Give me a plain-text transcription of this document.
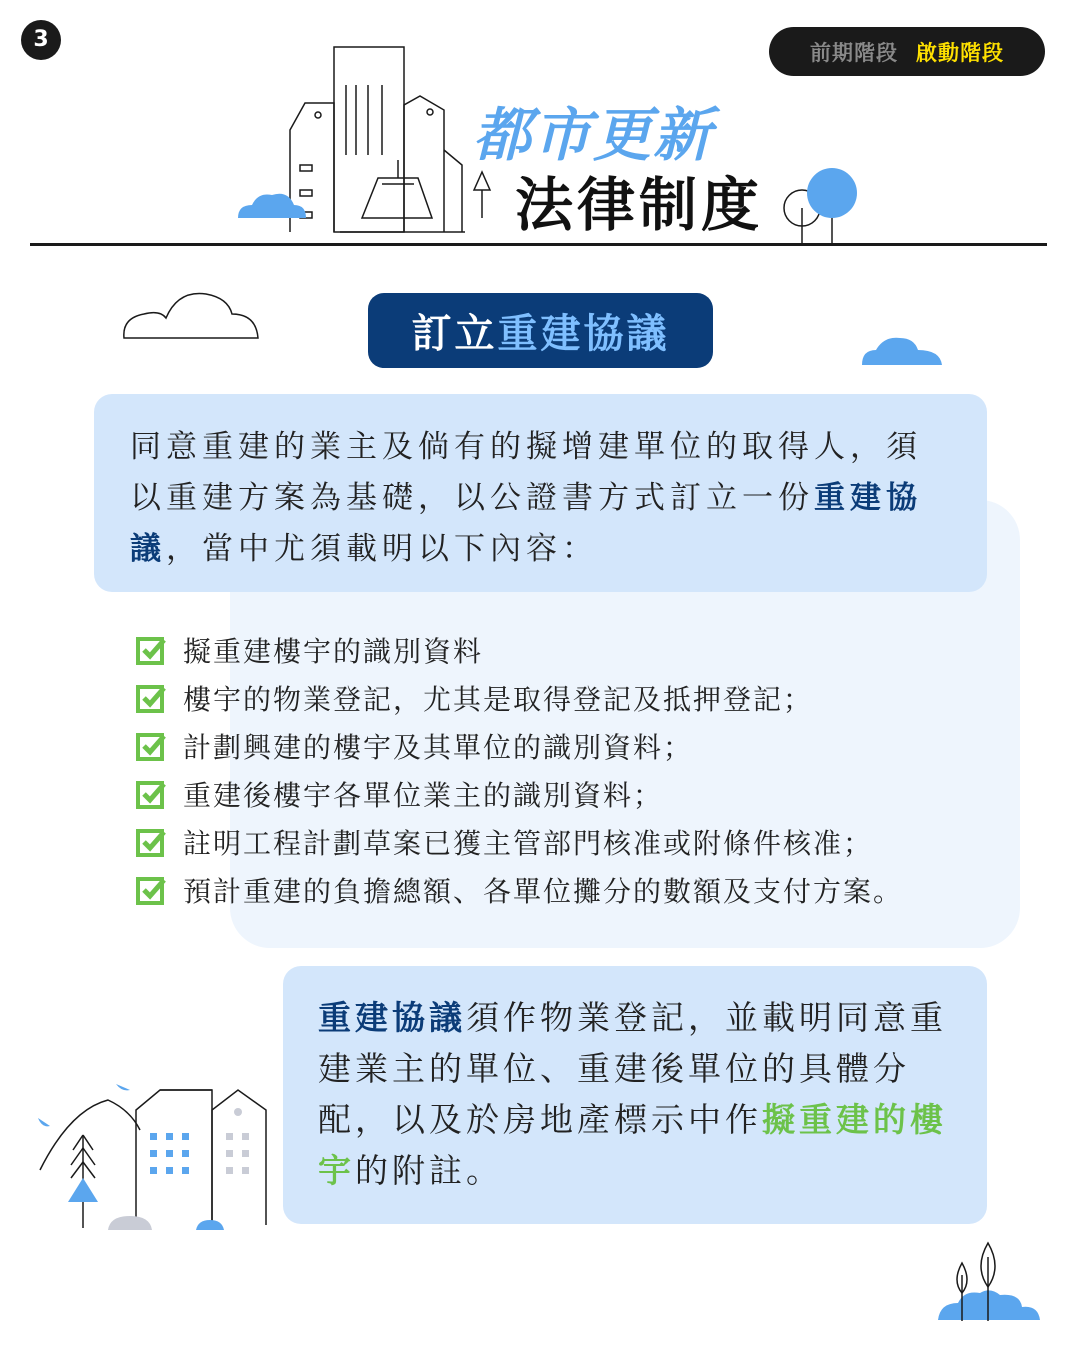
3
前期階段 啟動階段
都市更新
法律制度
訂立 重建協議
同意重建的業主及倘有的擬增建單位的取得人，須以重建方案為基礎，以公證書方式訂立一份重建協議，當中尤須載明以下內容：
擬重建樓宇的識別資料
樓宇的物業登記，尤其是取得登記及抵押登記；
計劃興建的樓宇及其單位的識別資料；
重建後樓宇各單位業主的識別資料；
註明工程計劃草案已獲主管部門核准或附條件核准；
預計重建的負擔總額、各單位攤分的數額及支付方案。
重建協議須作物業登記，並載明同意重建業主的單位、重建後單位的具體分配，以及於房地產標示中作擬重建的樓宇的附註。
